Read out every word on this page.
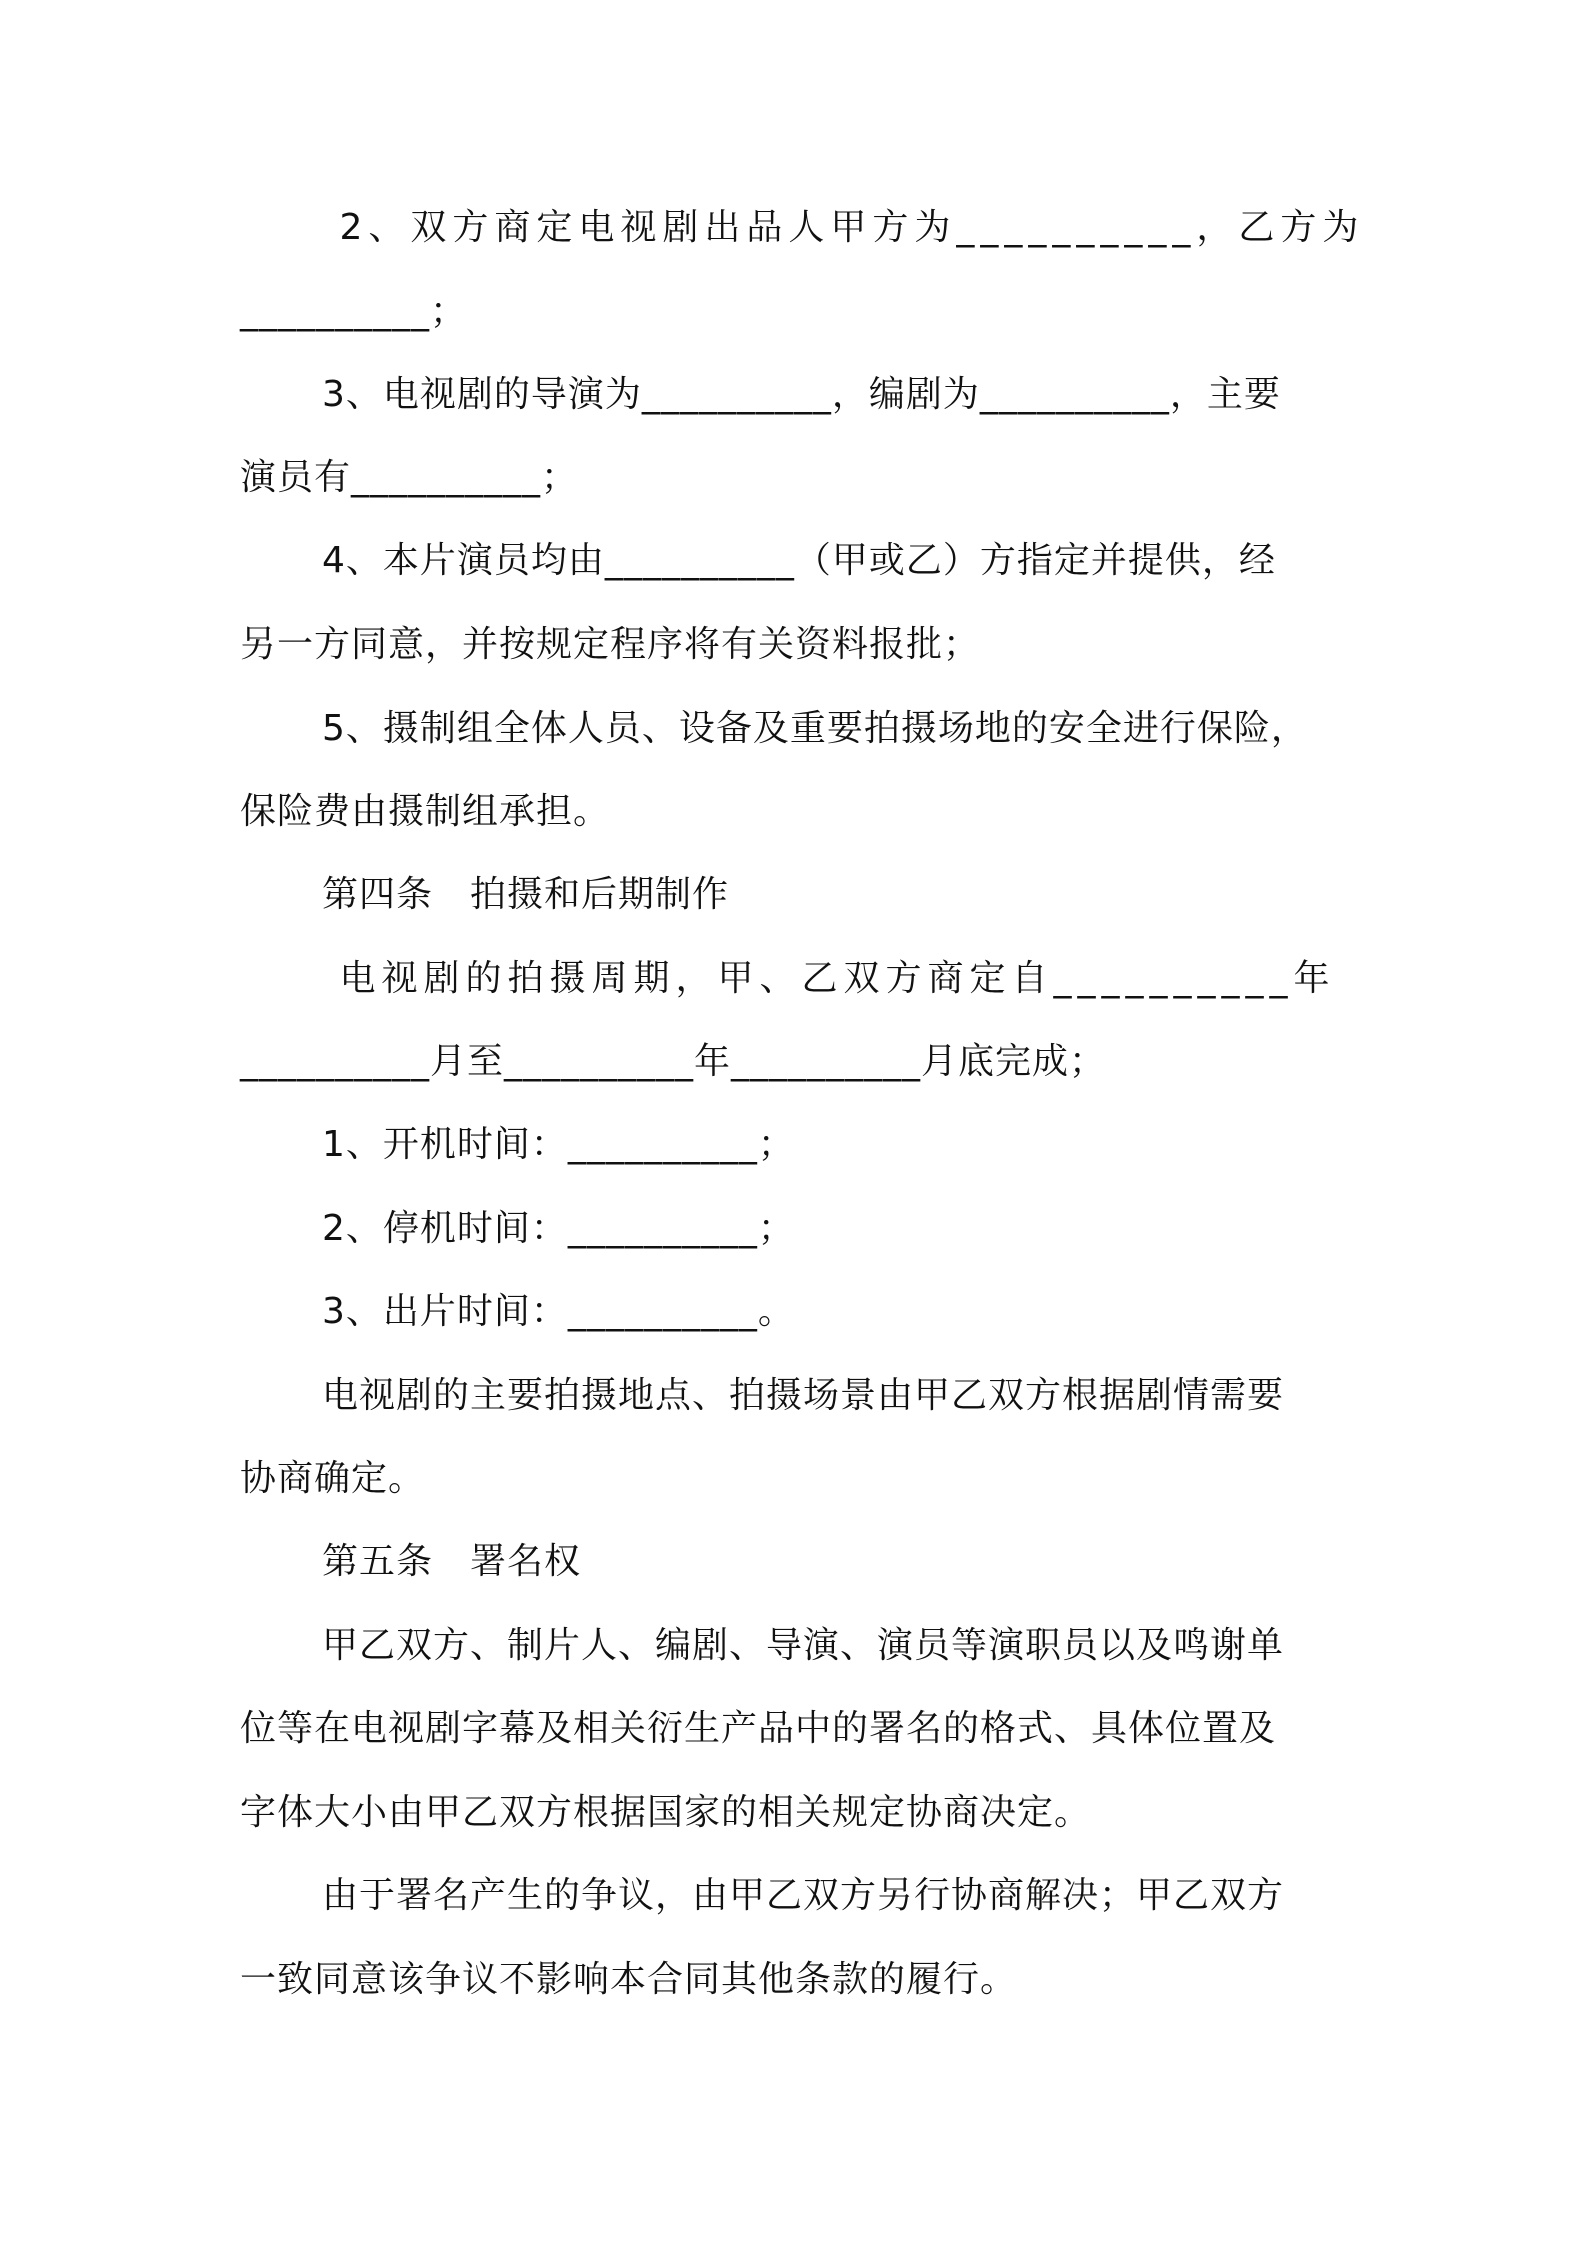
2、双方商定电视剧出品人甲方为__________，乙方为
__________；
3、电视剧的导演为__________，编剧为__________，主要
演员有__________；
4、本片演员均由__________（甲或乙）方指定并提供，经
另一方同意，并按规定程序将有关资料报批；
5、摄制组全体人员、设备及重要拍摄场地的安全进行保险，
保险费由摄制组承担。
第四条　拍摄和后期制作
电视剧的拍摄周期，甲、乙双方商定自__________年
__________月至__________年__________月底完成；
1、开机时间：__________；
2、停机时间：__________；
3、出片时间：__________。
电视剧的主要拍摄地点、拍摄场景由甲乙双方根据剧情需要
协商确定。
第五条　署名权
甲乙双方、制片人、编剧、导演、演员等演职员以及鸣谢单
位等在电视剧字幕及相关衍生产品中的署名的格式、具体位置及
字体大小由甲乙双方根据国家的相关规定协商决定。
由于署名产生的争议，由甲乙双方另行协商解决；甲乙双方
一致同意该争议不影响本合同其他条款的履行。
